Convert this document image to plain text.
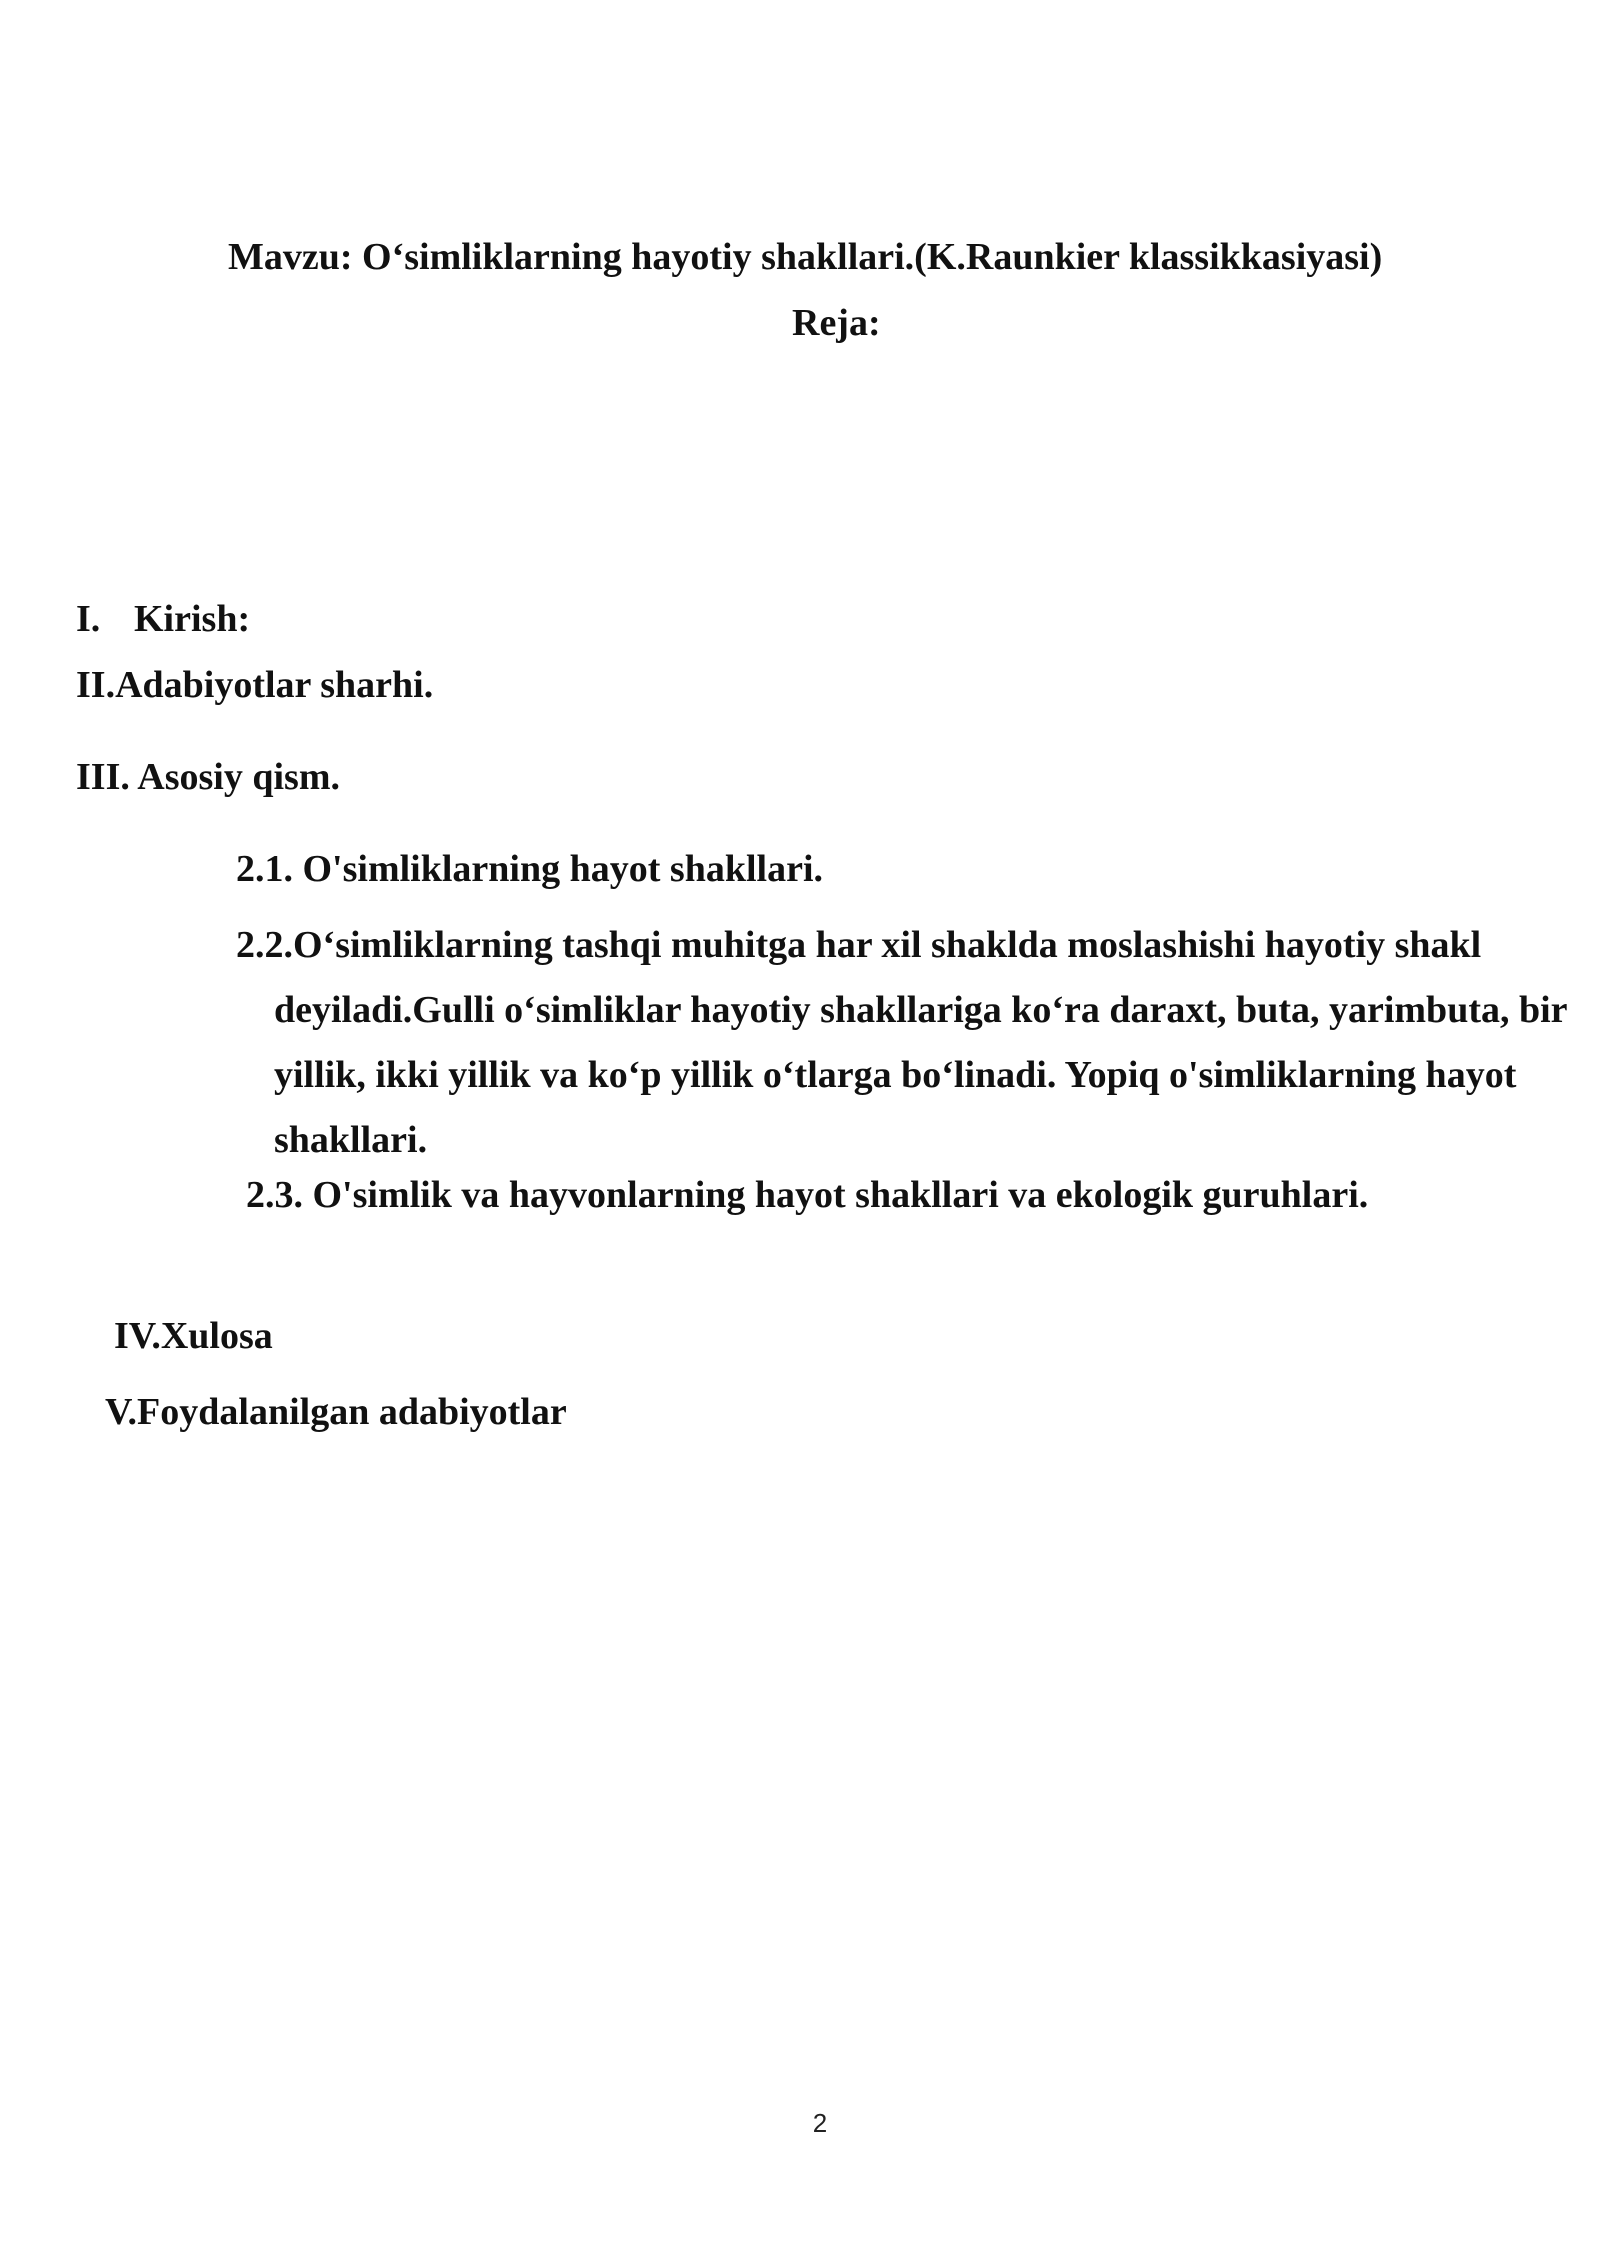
Mavzu: O‘simliklarning hayotiy shakllari.(K.Raunkier klassikkasiyasi)
Reja:
I. Kirish:
II.Adabiyotlar sharhi.
III. Asosiy qism.
2.1. O'simliklarning hayot shakllari.
2.2.O‘simliklarning tashqi muhitga har xil shaklda moslashishi hayotiy shakl
deyiladi.Gulli o‘simliklar hayotiy shakllariga ko‘ra daraxt, buta, yarimbuta, bir
yillik, ikki yillik va ko‘p yillik o‘tlarga bo‘linadi. Yopiq o'simliklarning hayot
shakllari.
2.3. O'simlik va hayvonlarning hayot shakllari va ekologik guruhlari.
IV.Xulosa
V.Foydalanilgan adabiyotlar
2
